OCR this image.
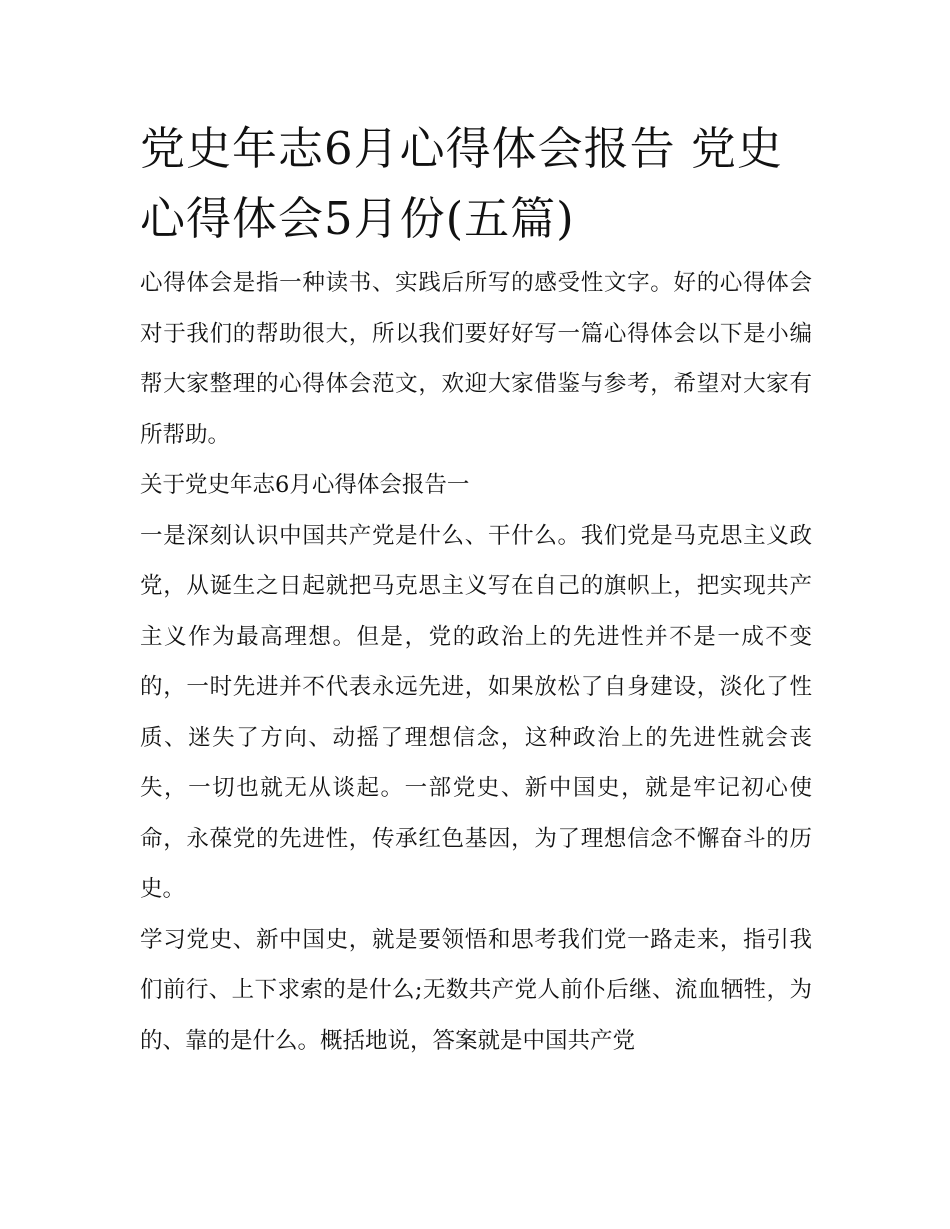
党史年志6月心得体会报告 党史心得体会5月份(五篇)

心得体会是指一种读书、实践后所写的感受性文字。好的心得体会对于我们的帮助很大，所以我们要好好写一篇心得体会以下是小编帮大家整理的心得体会范文，欢迎大家借鉴与参考，希望对大家有所帮助。

关于党史年志6月心得体会报告一

一是深刻认识中国共产党是什么、干什么。我们党是马克思主义政党，从诞生之日起就把马克思主义写在自己的旗帜上，把实现共产主义作为最高理想。但是，党的政治上的先进性并不是一成不变的，一时先进并不代表永远先进，如果放松了自身建设，淡化了性质、迷失了方向、动摇了理想信念，这种政治上的先进性就会丧失，一切也就无从谈起。一部党史、新中国史，就是牢记初心使命，永葆党的先进性，传承红色基因，为了理想信念不懈奋斗的历史。

学习党史、新中国史，就是要领悟和思考我们党一路走来，指引我们前行、上下求索的是什么;无数共产党人前仆后继、流血牺牲，为的、靠的是什么。概括地说，答案就是中国共产党
